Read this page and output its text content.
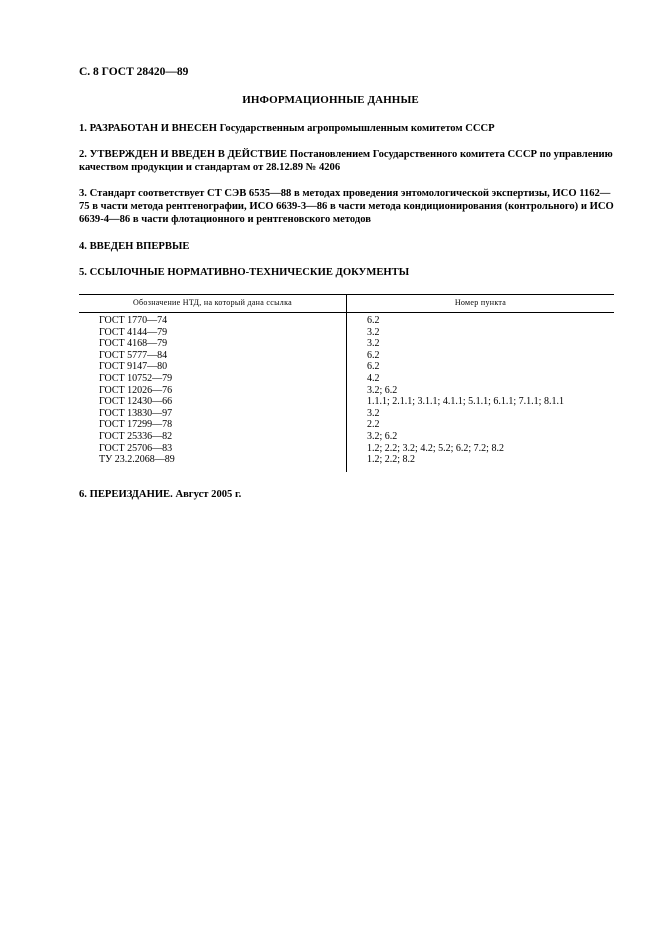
С. 8 ГОСТ 28420—89
ИНФОРМАЦИОННЫЕ ДАННЫЕ
1. РАЗРАБОТАН И ВНЕСЕН Государственным агропромышленным комитетом СССР
2. УТВЕРЖДЕН И ВВЕДЕН В ДЕЙСТВИЕ Постановлением Государственного комитета СССР по управлению качеством продукции и стандартам от 28.12.89 № 4206
3. Стандарт соответствует СТ СЭВ 6535—88 в методах проведения энтомологической экспертизы, ИСО 1162—75 в части метода рентгенографии, ИСО 6639-3—86 в части метода кондиционирования (контрольного) и ИСО 6639-4—86 в части флотационного и рентгеновского методов
4. ВВЕДЕН ВПЕРВЫЕ
5. ССЫЛОЧНЫЕ НОРМАТИВНО-ТЕХНИЧЕСКИЕ ДОКУМЕНТЫ
Обозначение НТД, на который дана ссылка	Номер пункта
ГОСТ 1770—74	6.2
ГОСТ 4144—79	3.2
ГОСТ 4168—79	3.2
ГОСТ 5777—84	6.2
ГОСТ 9147—80	6.2
ГОСТ 10752—79	4.2
ГОСТ 12026—76	3.2; 6.2
ГОСТ 12430—66	1.1.1; 2.1.1; 3.1.1; 4.1.1; 5.1.1; 6.1.1; 7.1.1; 8.1.1
ГОСТ 13830—97	3.2
ГОСТ 17299—78	2.2
ГОСТ 25336—82	3.2; 6.2
ГОСТ 25706—83	1.2; 2.2; 3.2; 4.2; 5.2; 6.2; 7.2; 8.2
ТУ 23.2.2068—89	1.2; 2.2; 8.2
6. ПЕРЕИЗДАНИЕ. Август 2005 г.
